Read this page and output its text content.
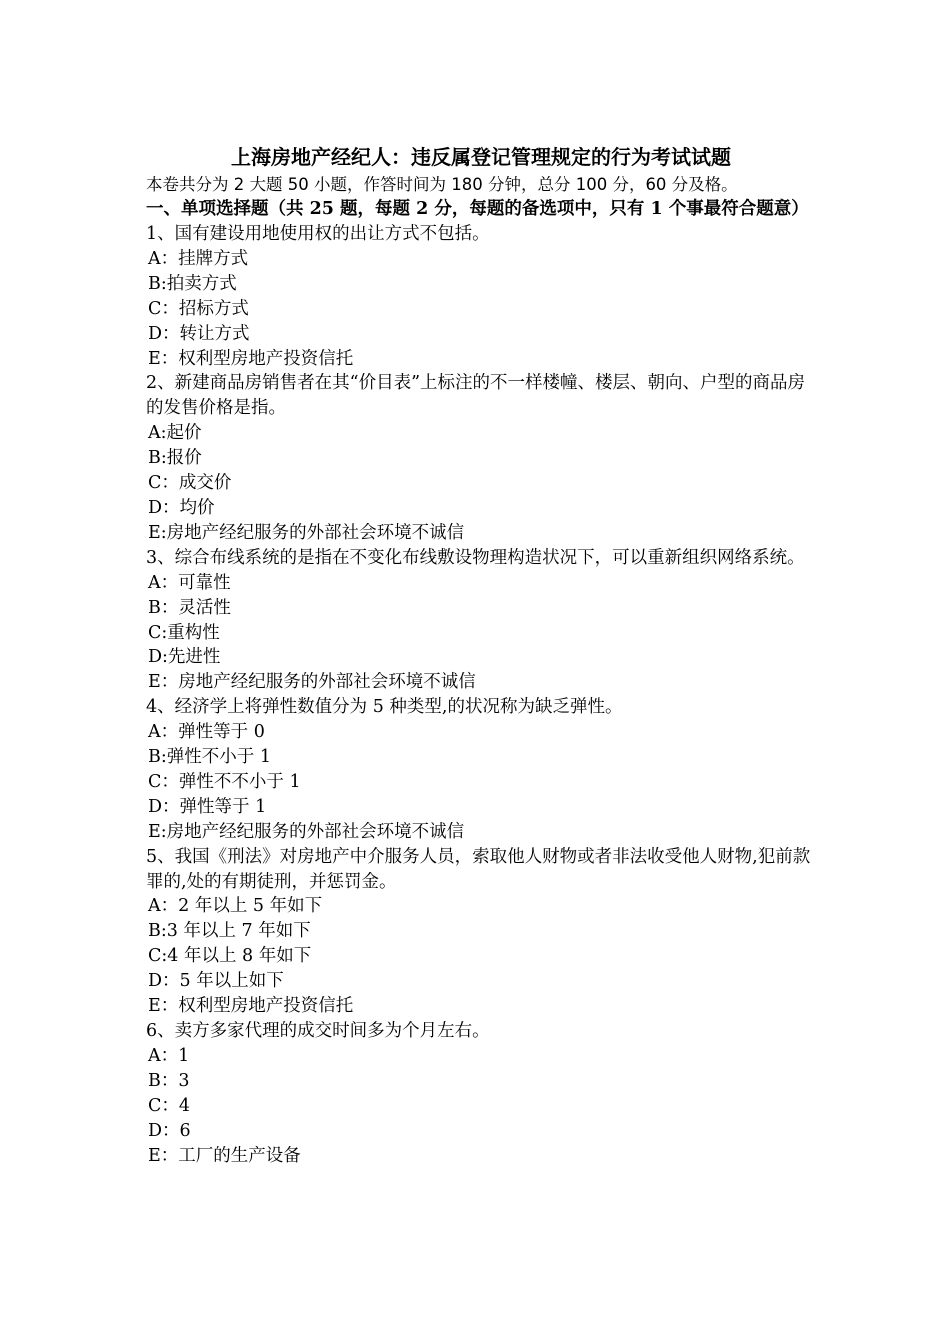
上海房地产经纪人：违反属登记管理规定的行为考试试题
本卷共分为 2 大题 50 小题，作答时间为 180 分钟，总分 100 分，60 分及格。
一、单项选择题（共 25 题，每题 2 分，每题的备选项中，只有 1 个事最符合题意）
1、国有建设用地使用权的出让方式不包括。
A：挂牌方式
B:拍卖方式
C：招标方式
D：转让方式
E：权利型房地产投资信托
2、新建商品房销售者在其“价目表”上标注的不一样楼幢、楼层、朝向、户型的商品房的发售价格是指。
A:起价
B:报价
C：成交价
D：均价
E:房地产经纪服务的外部社会环境不诚信
3、综合布线系统的是指在不变化布线敷设物理构造状况下，可以重新组织网络系统。
A：可靠性
B：灵活性
C:重构性
D:先进性
E：房地产经纪服务的外部社会环境不诚信
4、经济学上将弹性数值分为 5 种类型,的状况称为缺乏弹性。
A：弹性等于 0
B:弹性不小于 1
C：弹性不不小于 1
D：弹性等于 1
E:房地产经纪服务的外部社会环境不诚信
5、我国《刑法》对房地产中介服务人员，索取他人财物或者非法收受他人财物,犯前款罪的,处的有期徒刑，并惩罚金。
A：2 年以上 5 年如下
B:3 年以上 7 年如下
C:4 年以上 8 年如下
D：5 年以上如下
E：权利型房地产投资信托
6、卖方多家代理的成交时间多为个月左右。
A：1
B：3
C：4
D：6
E：工厂的生产设备
